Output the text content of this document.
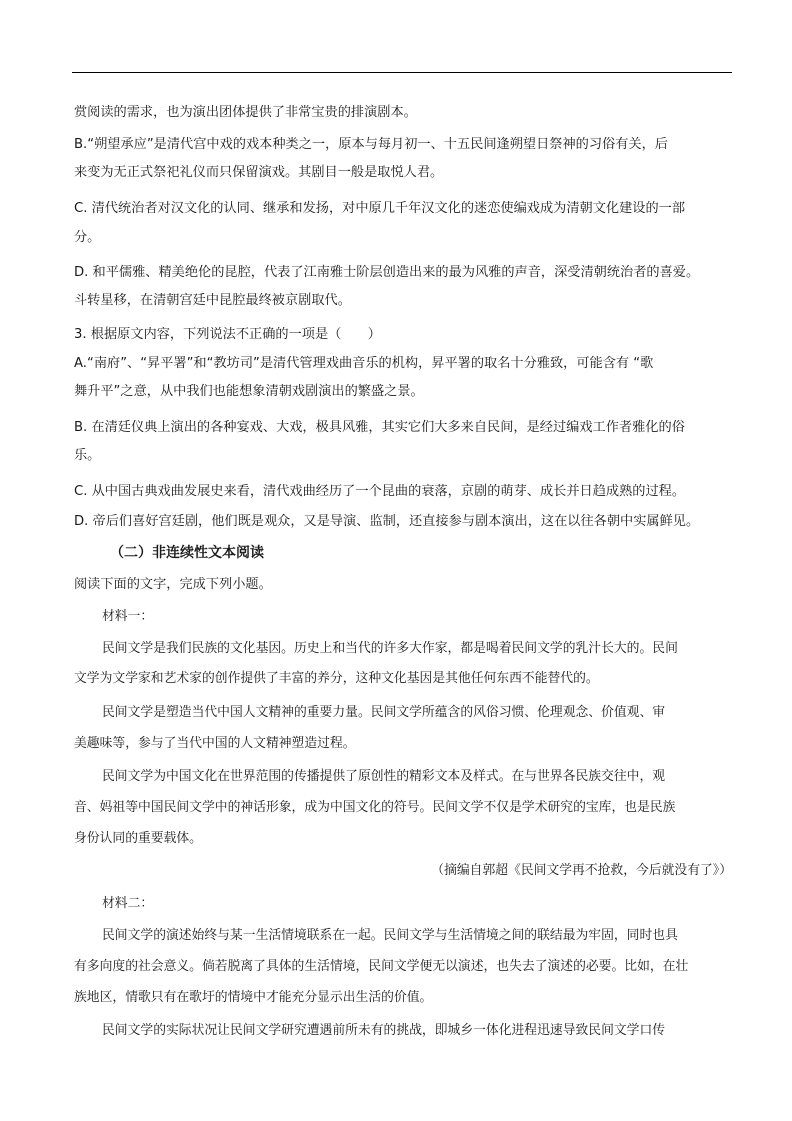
赏阅读的需求，也为演出团体提供了非常宝贵的排演剧本。
B.“朔望承应”是清代宫中戏的戏本种类之一，原本与每月初一、十五民间逢朔望日祭神的习俗有关，后
来变为无正式祭祀礼仪而只保留演戏。其剧目一般是取悦人君。
C. 清代统治者对汉文化的认同、继承和发扬，对中原几千年汉文化的迷恋使编戏成为清朝文化建设的一部
分。
D. 和平儒雅、精美绝伦的昆腔，代表了江南雅士阶层创造出来的最为风雅的声音，深受清朝统治者的喜爱。
斗转星移，在清朝宫廷中昆腔最终被京剧取代。
3. 根据原文内容，下列说法不正确的一项是（　　）
A.“南府”、“昇平署”和“教坊司”是清代管理戏曲音乐的机构，昇平署的取名十分雅致，可能含有 “歌
舞升平”之意，从中我们也能想象清朝戏剧演出的繁盛之景。
B. 在清廷仪典上演出的各种宴戏、大戏，极具风雅，其实它们大多来自民间，是经过编戏工作者雅化的俗
乐。
C. 从中国古典戏曲发展史来看，清代戏曲经历了一个昆曲的衰落，京剧的萌芽、成长并日趋成熟的过程。
D. 帝后们喜好宫廷剧，他们既是观众，又是导演、监制，还直接参与剧本演出，这在以往各朝中实属鲜见。
（二）非连续性文本阅读
阅读下面的文字，完成下列小题。
材料一：
民间文学是我们民族的文化基因。历史上和当代的许多大作家，都是喝着民间文学的乳汁长大的。民间
文学为文学家和艺术家的创作提供了丰富的养分，这种文化基因是其他任何东西不能替代的。
民间文学是塑造当代中国人文精神的重要力量。民间文学所蕴含的风俗习惯、伦理观念、价值观、审
美趣味等，参与了当代中国的人文精神塑造过程。
民间文学为中国文化在世界范围的传播提供了原创性的精彩文本及样式。在与世界各民族交往中，观
音、妈祖等中国民间文学中的神话形象，成为中国文化的符号。民间文学不仅是学术研究的宝库，也是民族
身份认同的重要载体。
（摘编自郭超《民间文学再不抢救，今后就没有了》）
材料二：
民间文学的演述始终与某一生活情境联系在一起。民间文学与生活情境之间的联结最为牢固，同时也具
有多向度的社会意义。倘若脱离了具体的生活情境，民间文学便无以演述，也失去了演述的必要。比如，在壮
族地区，情歌只有在歌圩的情境中才能充分显示出生活的价值。
民间文学的实际状况让民间文学研究遭遇前所未有的挑战，即城乡一体化进程迅速导致民间文学口传
